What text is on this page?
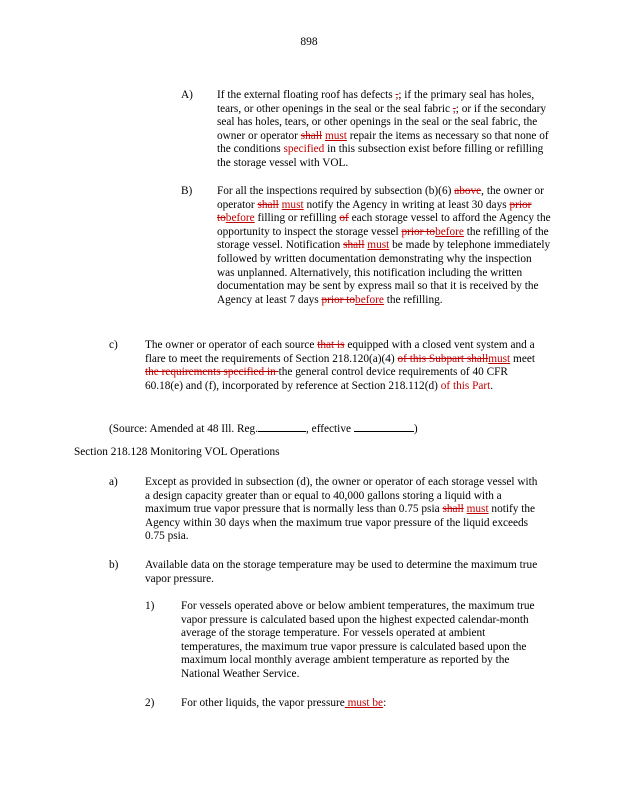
898
A) If the external floating roof has defects ,; if the primary seal has holes, tears, or other openings in the seal or the seal fabric ,; or if the secondary seal has holes, tears, or other openings in the seal or the seal fabric, the owner or operator shall must repair the items as necessary so that none of the conditions specified in this subsection exist before filling or refilling the storage vessel with VOL.
B) For all the inspections required by subsection (b)(6) above, the owner or operator shall must notify the Agency in writing at least 30 days prior tobefore filling or refilling of each storage vessel to afford the Agency the opportunity to inspect the storage vessel prior tobefore the refilling of the storage vessel. Notification shall must be made by telephone immediately followed by written documentation demonstrating why the inspection was unplanned. Alternatively, this notification including the written documentation may be sent by express mail so that it is received by the Agency at least 7 days prior tobefore the refilling.
c) The owner or operator of each source that is equipped with a closed vent system and a flare to meet the requirements of Section 218.120(a)(4) of this Subpart shallmust meet the requirements specified in the general control device requirements of 40 CFR 60.18(e) and (f), incorporated by reference at Section 218.112(d) of this Part.
(Source: Amended at 48 Ill. Reg.	, effective	)
Section 218.128 Monitoring VOL Operations
a) Except as provided in subsection (d), the owner or operator of each storage vessel with a design capacity greater than or equal to 40,000 gallons storing a liquid with a maximum true vapor pressure that is normally less than 0.75 psia shall must notify the Agency within 30 days when the maximum true vapor pressure of the liquid exceeds 0.75 psia.
b) Available data on the storage temperature may be used to determine the maximum true vapor pressure.
1) For vessels operated above or below ambient temperatures, the maximum true vapor pressure is calculated based upon the highest expected calendar-month average of the storage temperature. For vessels operated at ambient temperatures, the maximum true vapor pressure is calculated based upon the maximum local monthly average ambient temperature as reported by the National Weather Service.
2) For other liquids, the vapor pressure must be:
